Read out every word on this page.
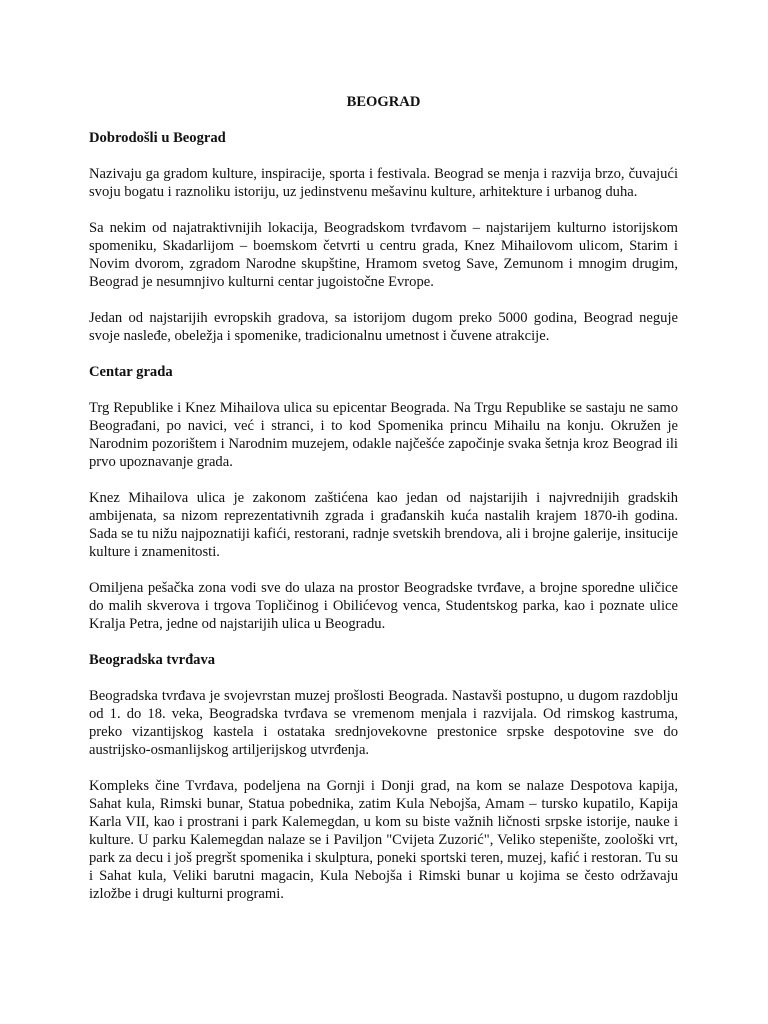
BEOGRAD
Dobrodošli u Beograd

Nazivaju ga gradom kulture, inspiracije, sporta i festivala. Beograd se menja i razvija brzo, čuvajući svoju bogatu i raznoliku istoriju, uz jedinstvenu mešavinu kulture, arhitekture i urbanog duha.

Sa nekim od najatraktivnijih lokacija, Beogradskom tvrđavom – najstarijem kulturno istorijskom spomeniku, Skadarlijom – boemskom četvrti u centru grada, Knez Mihailovom ulicom, Starim i Novim dvorom, zgradom Narodne skupštine, Hramom svetog Save, Zemunom i mnogim drugim, Beograd je nesumnjivo kulturni centar jugoistočne Evrope.

Jedan od najstarijih evropskih gradova, sa istorijom dugom preko 5000 godina, Beograd neguje svoje nasleđe, obeležja i spomenike, tradicionalnu umetnost i čuvene atrakcije.

Centar grada

Trg Republike i Knez Mihailova ulica su epicentar Beograda. Na Trgu Republike se sastaju ne samo Beograđani, po navici, već i stranci, i to kod Spomenika princu Mihailu na konju. Okružen je Narodnim pozorištem i Narodnim muzejem, odakle najčešće započinje svaka šetnja kroz Beograd ili prvo upoznavanje grada.

Knez Mihailova ulica je zakonom zaštićena kao jedan od najstarijih i najvrednijih gradskih ambijenata, sa nizom reprezentativnih zgrada i građanskih kuća nastalih krajem 1870-ih godina. Sada se tu nižu najpoznatiji kafići, restorani, radnje svetskih brendova, ali i brojne galerije, insitucije kulture i znamenitosti.

Omiljena pešačka zona vodi sve do ulaza na prostor Beogradske tvrđave, a brojne sporedne uličice do malih skverova i trgova Topličinog i Obilićevog venca, Studentskog parka, kao i poznate ulice Kralja Petra, jedne od najstarijih ulica u Beogradu.

Beogradska tvrđava

Beogradska tvrđava je svojevrstan muzej prošlosti Beograda. Nastavši postupno, u dugom razdoblju od 1. do 18. veka, Beogradska tvrđava se vremenom menjala i razvijala. Od rimskog kastruma, preko vizantijskog kastela i ostataka srednjovekovne prestonice srpske despotovine sve do austrijsko-osmanlijskog artiljerijskog utvrđenja.

Kompleks čine Tvrđava, podeljena na Gornji i Donji grad, na kom se nalaze Despotova kapija, Sahat kula, Rimski bunar, Statua pobednika, zatim Kula Nebojša, Amam – tursko kupatilo, Kapija Karla VII, kao i prostrani i park Kalemegdan, u kom su biste važnih ličnosti srpske istorije, nauke i kulture. U parku Kalemegdan nalaze se i Paviljon "Cvijeta Zuzorić", Veliko stepenište, zoološki vrt, park za decu i još pregršt spomenika i skulptura, poneki sportski teren, muzej, kafić i restoran. Tu su i Sahat kula, Veliki barutni magacin, Kula Nebojša i Rimski bunar u kojima se često održavaju izložbe i drugi kulturni programi.
